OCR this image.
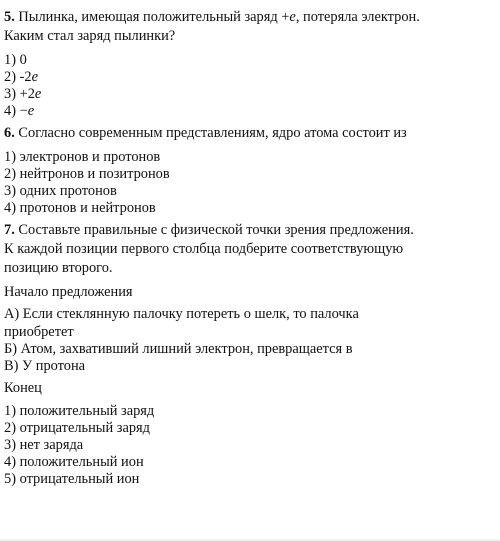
5. Пылинка, имеющая положительный заряд +e, потеряла электрон.
Каким стал заряд пылинки?
1) 0
2) -2e
3) +2e
4) −e
6. Согласно современным представлениям, ядро атома состоит из
1) электронов и протонов
2) нейтронов и позитронов
3) одних протонов
4) протонов и нейтронов
7. Составьте правильные с физической точки зрения предложения.
К каждой позиции первого столбца подберите соответствующую
позицию второго.
Начало предложения
А) Если стеклянную палочку потереть о шелк, то палочка
приобретет
Б) Атом, захвативший лишний электрон, превращается в
В) У протона
Конец
1) положительный заряд
2) отрицательный заряд
3) нет заряда
4) положительный ион
5) отрицательный ион
